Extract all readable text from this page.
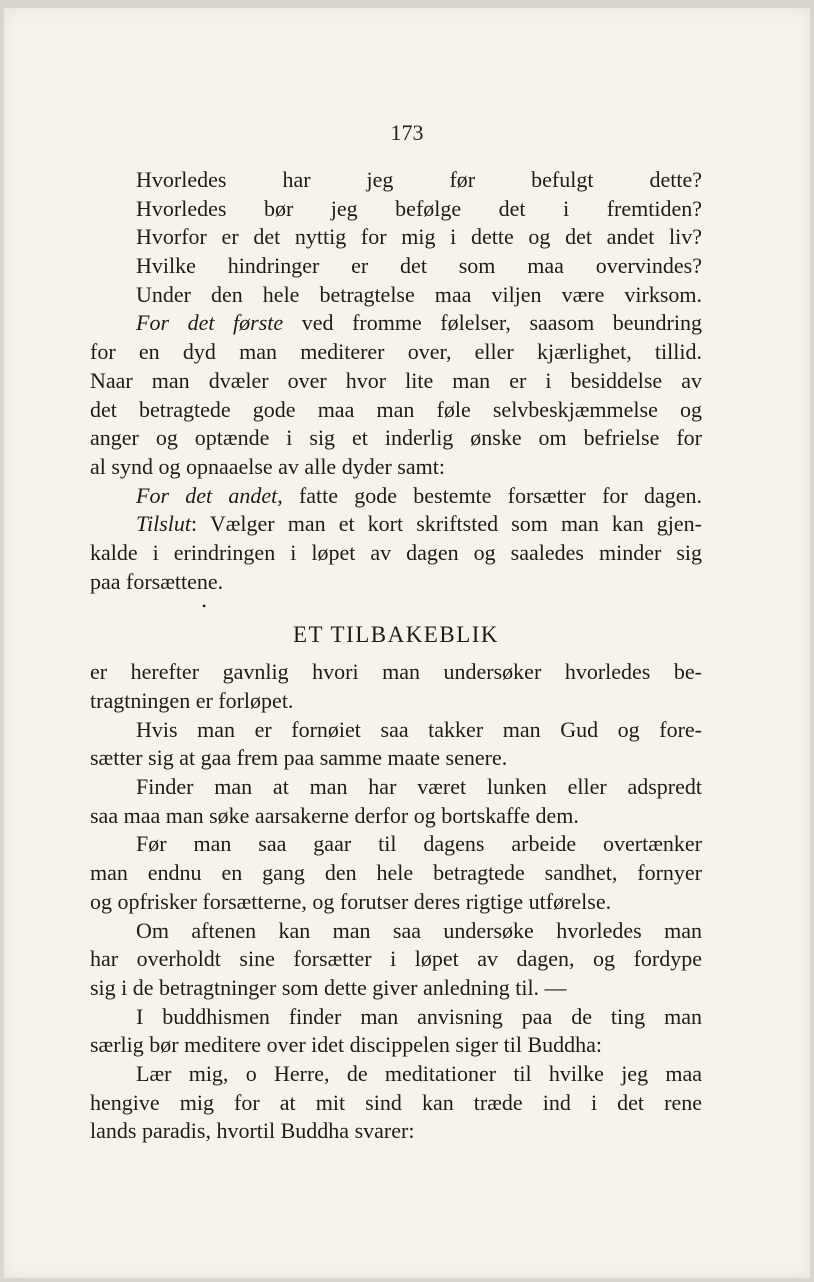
173
Hvorledes har jeg før befulgt dette?
Hvorledes bør jeg befølge det i fremtiden?
Hvorfor er det nyttig for mig i dette og det andet liv?
Hvilke hindringer er det som maa overvindes?
Under den hele betragtelse maa viljen være virksom.
For det første ved fromme følelser, saasom beundring
for en dyd man mediterer over, eller kjærlighet, tillid.
Naar man dvæler over hvor lite man er i besiddelse av
det betragtede gode maa man føle selvbeskjæmmelse og
anger og optænde i sig et inderlig ønske om befrielse for
al synd og opnaaelse av alle dyder samt:
For det andet, fatte gode bestemte forsætter for dagen.
Tilslut: Vælger man et kort skriftsted som man kan gjen-
kalde i erindringen i løpet av dagen og saaledes minder sig
paa forsættene.
•
ET TILBAKEBLIK
er herefter gavnlig hvori man undersøker hvorledes be-
tragtningen er forløpet.
Hvis man er fornøiet saa takker man Gud og fore-
sætter sig at gaa frem paa samme maate senere.
Finder man at man har været lunken eller adspredt
saa maa man søke aarsakerne derfor og bortskaffe dem.
Før man saa gaar til dagens arbeide overtænker
man endnu en gang den hele betragtede sandhet, fornyer
og opfrisker forsætterne, og forutser deres rigtige utførelse.
Om aftenen kan man saa undersøke hvorledes man
har overholdt sine forsætter i løpet av dagen, og fordype
sig i de betragtninger som dette giver anledning til. —
I buddhismen finder man anvisning paa de ting man
særlig bør meditere over idet discippelen siger til Buddha:
Lær mig, o Herre, de meditationer til hvilke jeg maa
hengive mig for at mit sind kan træde ind i det rene
lands paradis, hvortil Buddha svarer:
